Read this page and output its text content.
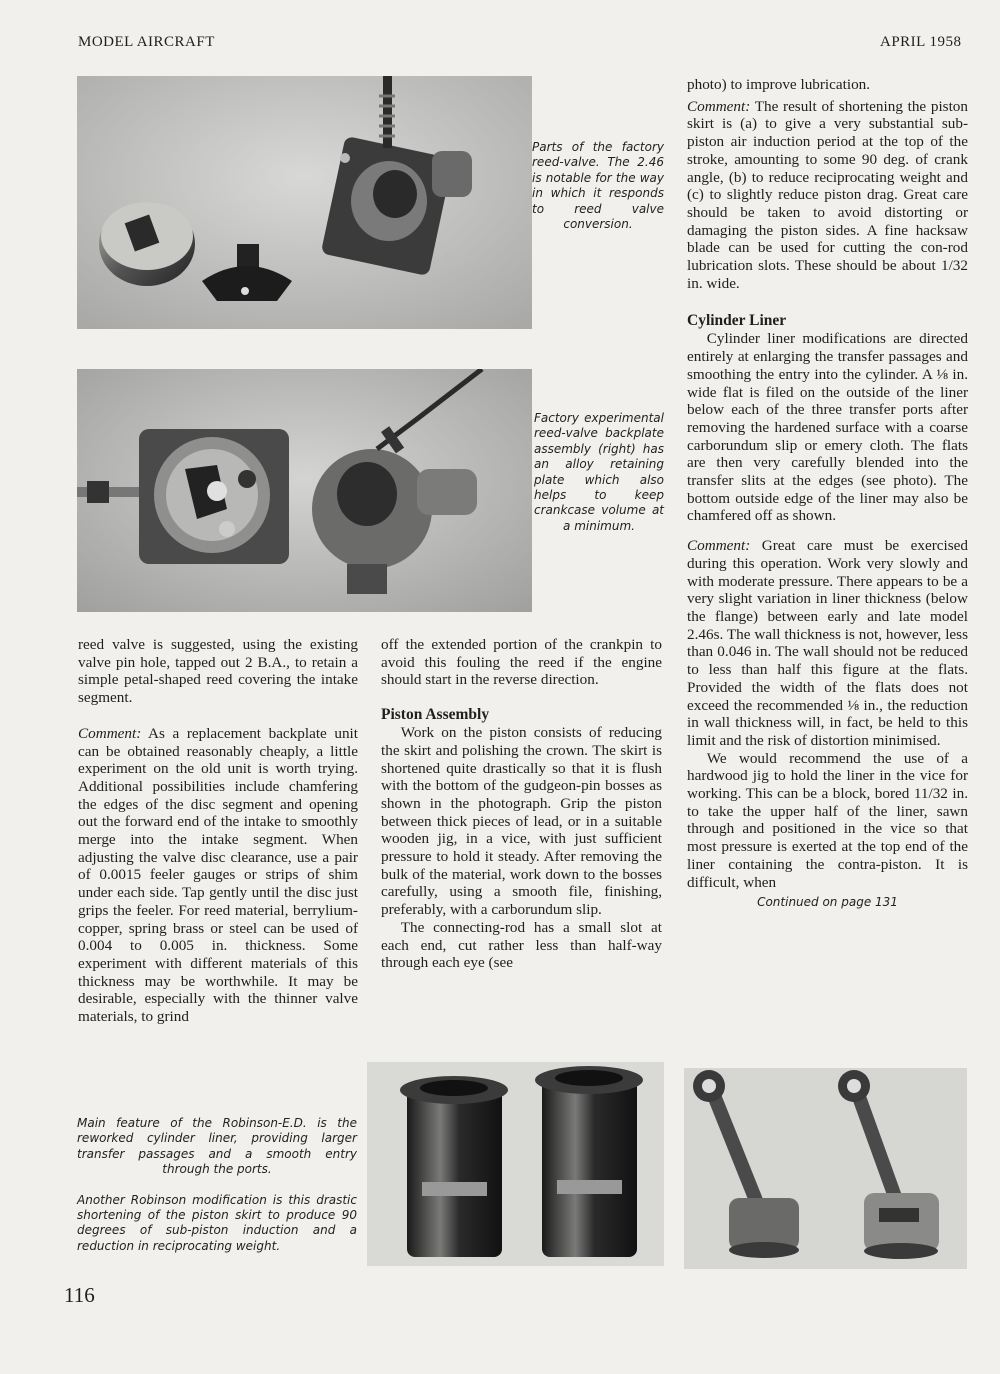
MODEL AIRCRAFT	APRIL 1958

Parts of the factory reed-valve. The 2.46 is notable for the way in which it responds to reed valve conversion.

Factory experimental reed-valve backplate assembly (right) has an alloy retaining plate which also helps to keep crankcase volume at a minimum.

reed valve is suggested, using the existing valve pin hole, tapped out 2 B.A., to retain a simple petal-shaped reed covering the intake segment.

Comment: As a replacement backplate unit can be obtained reasonably cheaply, a little experiment on the old unit is worth trying. Additional possibilities include chamfering the edges of the disc segment and opening out the forward end of the intake to smoothly merge into the intake segment. When adjusting the valve disc clearance, use a pair of 0.0015 feeler gauges or strips of shim under each side. Tap gently until the disc just grips the feeler. For reed material, berrylium-copper, spring brass or steel can be used of 0.004 to 0.005 in. thickness. Some experiment with different materials of this thickness may be worthwhile. It may be desirable, especially with the thinner valve materials, to grind

Main feature of the Robinson-E.D. is the reworked cylinder liner, providing larger transfer passages and a smooth entry through the ports.

Another Robinson modification is this drastic shortening of the piston skirt to produce 90 degrees of sub-piston induction and a reduction in reciprocating weight.

off the extended portion of the crankpin to avoid this fouling the reed if the engine should start in the reverse direction.

Piston Assembly

Work on the piston consists of reducing the skirt and polishing the crown. The skirt is shortened quite drastically so that it is flush with the bottom of the gudgeon-pin bosses as shown in the photograph. Grip the piston between thick pieces of lead, or in a suitable wooden jig, in a vice, with just sufficient pressure to hold it steady. After removing the bulk of the material, work down to the bosses carefully, using a smooth file, finishing, preferably, with a carborundum slip.

The connecting-rod has a small slot at each end, cut rather less than half-way through each eye (see

photo) to improve lubrication.

Comment: The result of shortening the piston skirt is (a) to give a very substantial sub-piston air induction period at the top of the stroke, amounting to some 90 deg. of crank angle, (b) to reduce reciprocating weight and (c) to slightly reduce piston drag. Great care should be taken to avoid distorting or damaging the piston sides. A fine hacksaw blade can be used for cutting the con-rod lubrication slots. These should be about 1/32 in. wide.

Cylinder Liner

Cylinder liner modifications are directed entirely at enlarging the transfer passages and smoothing the entry into the cylinder. A ⅛ in. wide flat is filed on the outside of the liner below each of the three transfer ports after removing the hardened surface with a coarse carborundum slip or emery cloth. The flats are then very carefully blended into the transfer slits at the edges (see photo). The bottom outside edge of the liner may also be chamfered off as shown.

Comment: Great care must be exercised during this operation. Work very slowly and with moderate pressure. There appears to be a very slight variation in liner thickness (below the flange) between early and late model 2.46s. The wall thickness is not, however, less than 0.046 in. The wall should not be reduced to less than half this figure at the flats. Provided the width of the flats does not exceed the recommended ⅛ in., the reduction in wall thickness will, in fact, be held to this limit and the risk of distortion minimised.

We would recommend the use of a hardwood jig to hold the liner in the vice for working. This can be a block, bored 11/32 in. to take the upper half of the liner, sawn through and positioned in the vice so that most pressure is exerted at the top end of the liner containing the contra-piston. It is difficult, when

Continued on page 131

116
